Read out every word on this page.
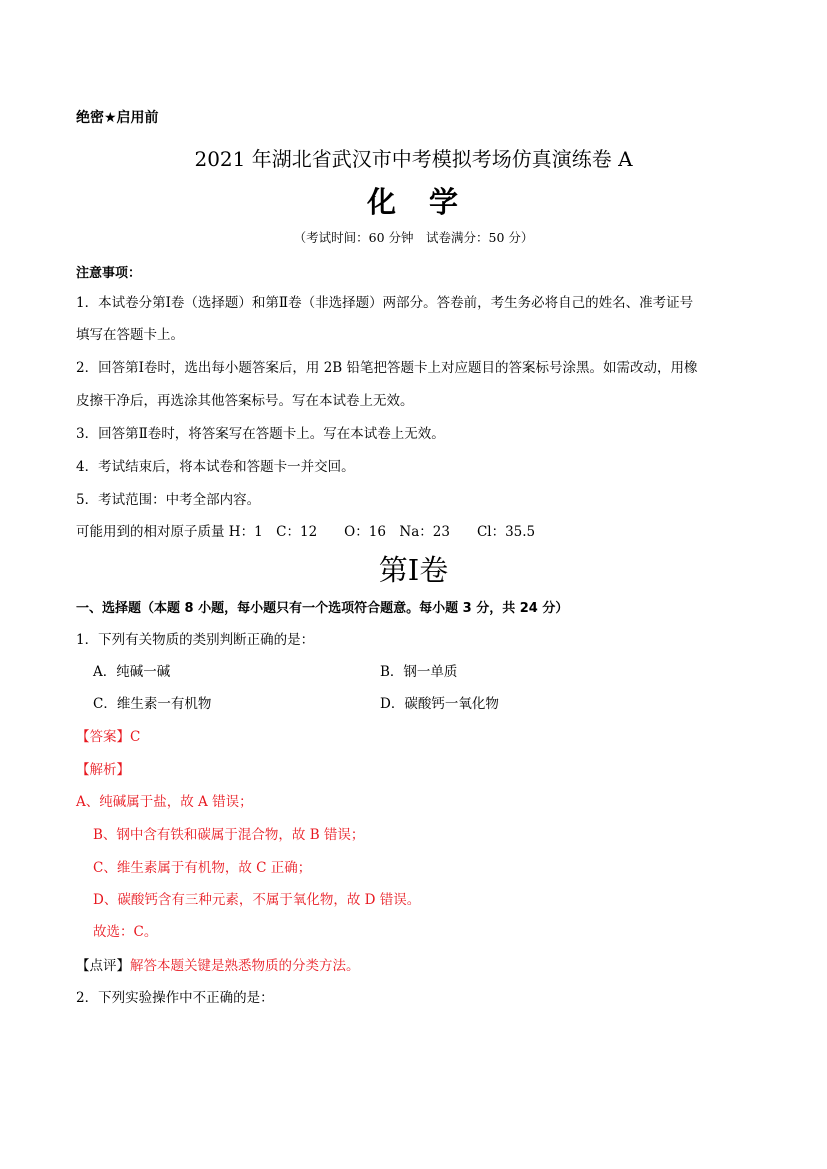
绝密★启用前
2021 年湖北省武汉市中考模拟考场仿真演练卷 A
化　学
（考试时间：60 分钟　试卷满分：50 分）
注意事项：
1．本试卷分第Ⅰ卷（选择题）和第Ⅱ卷（非选择题）两部分。答卷前，考生务必将自己的姓名、准考证号
填写在答题卡上。
2．回答第Ⅰ卷时，选出每小题答案后，用 2B 铅笔把答题卡上对应题目的答案标号涂黑。如需改动，用橡
皮擦干净后，再选涂其他答案标号。写在本试卷上无效。
3．回答第Ⅱ卷时，将答案写在答题卡上。写在本试卷上无效。
4．考试结束后，将本试卷和答题卡一并交回。
5．考试范围：中考全部内容。
可能用到的相对原子质量 H：1　C：12　　O：16　Na：23　　Cl：35.5
第Ⅰ卷
一、选择题（本题 8 小题，每小题只有一个选项符合题意。每小题 3 分，共 24 分）
1．下列有关物质的类别判断正确的是：
A．纯碱一碱	B．钢一单质
C．维生素一有机物	D．碳酸钙一氧化物
【答案】C
【解析】
A、纯碱属于盐，故 A 错误；
B、钢中含有铁和碳属于混合物，故 B 错误；
C、维生素属于有机物，故 C 正确；
D、碳酸钙含有三种元素，不属于氧化物，故 D 错误。
故选：C。
【点评】解答本题关键是熟悉物质的分类方法。
2．下列实验操作中不正确的是：
